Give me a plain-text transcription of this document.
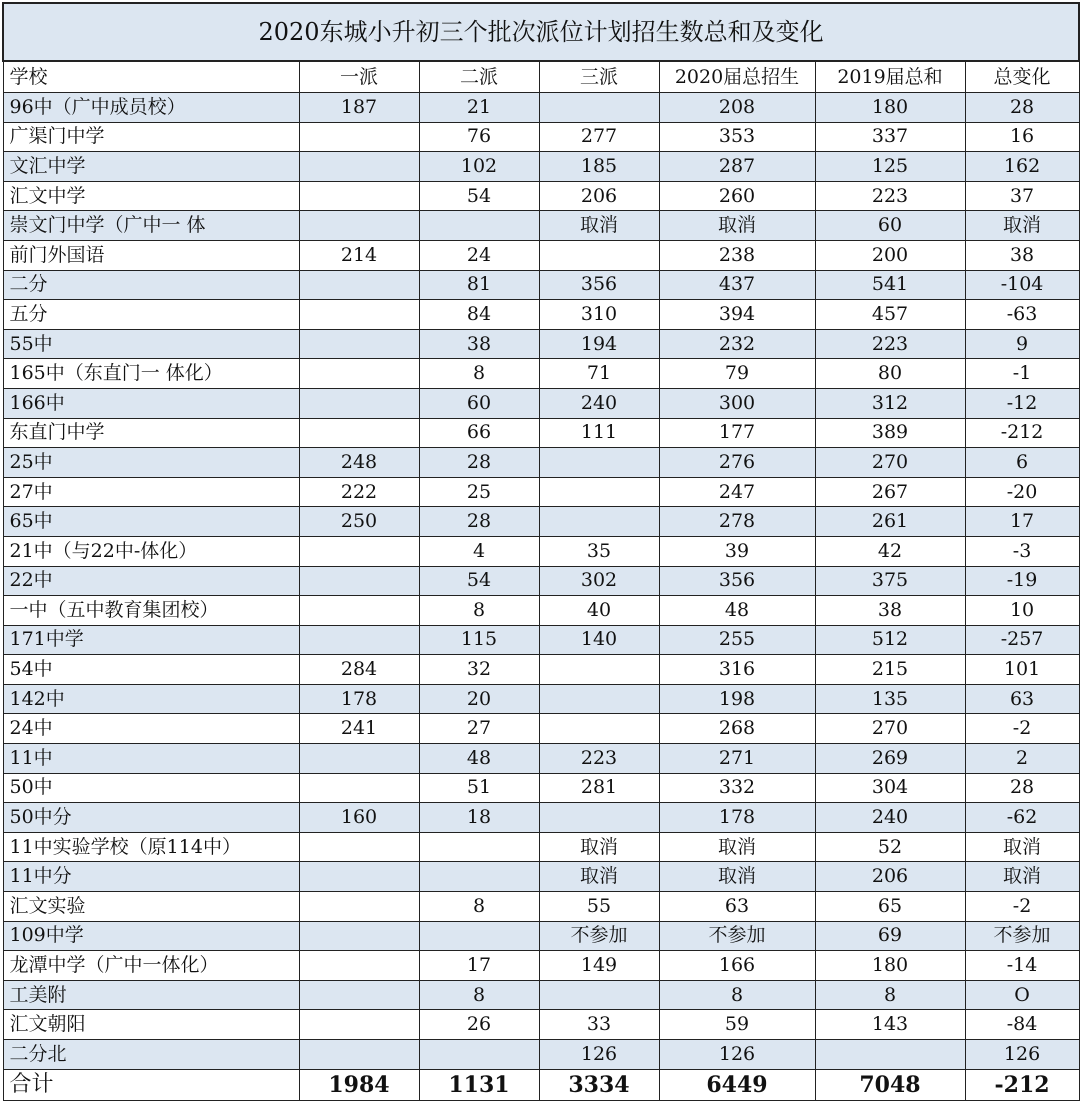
2020东城小升初三个批次派位计划招生数总和及变化						
学校	一派	二派	三派	2020届总招生	2019届总和	总变化
96中（广中成员校）	187	21		208	180	28
广渠门中学		76	277	353	337	16
文汇中学		102	185	287	125	162
汇文中学		54	206	260	223	37
崇文门中学（广中一 体			取消	取消	60	取消
前门外国语	214	24		238	200	38
二分		81	356	437	541	-104
五分		84	310	394	457	-63
55中		38	194	232	223	9
165中（东直门一 体化）		8	71	79	80	-1
166中		60	240	300	312	-12
东直门中学		66	111	177	389	-212
25中	248	28		276	270	6
27中	222	25		247	267	-20
65中	250	28		278	261	17
21中（与22中-体化）		4	35	39	42	-3
22中		54	302	356	375	-19
一中（五中教育集团校）		8	40	48	38	10
171中学		115	140	255	512	-257
54中	284	32		316	215	101
142中	178	20		198	135	63
24中	241	27		268	270	-2
11中		48	223	271	269	2
50中		51	281	332	304	28
50中分	160	18		178	240	-62
11中实验学校（原114中）			取消	取消	52	取消
11中分			取消	取消	206	取消
汇文实验		8	55	63	65	-2
109中学			不参加	不参加	69	不参加
龙潭中学（广中一体化）		17	149	166	180	-14
工美附		8		8	8	O
汇文朝阳		26	33	59	143	-84
二分北			126	126		126
合计	1984	1131	3334	6449	7048	-212
